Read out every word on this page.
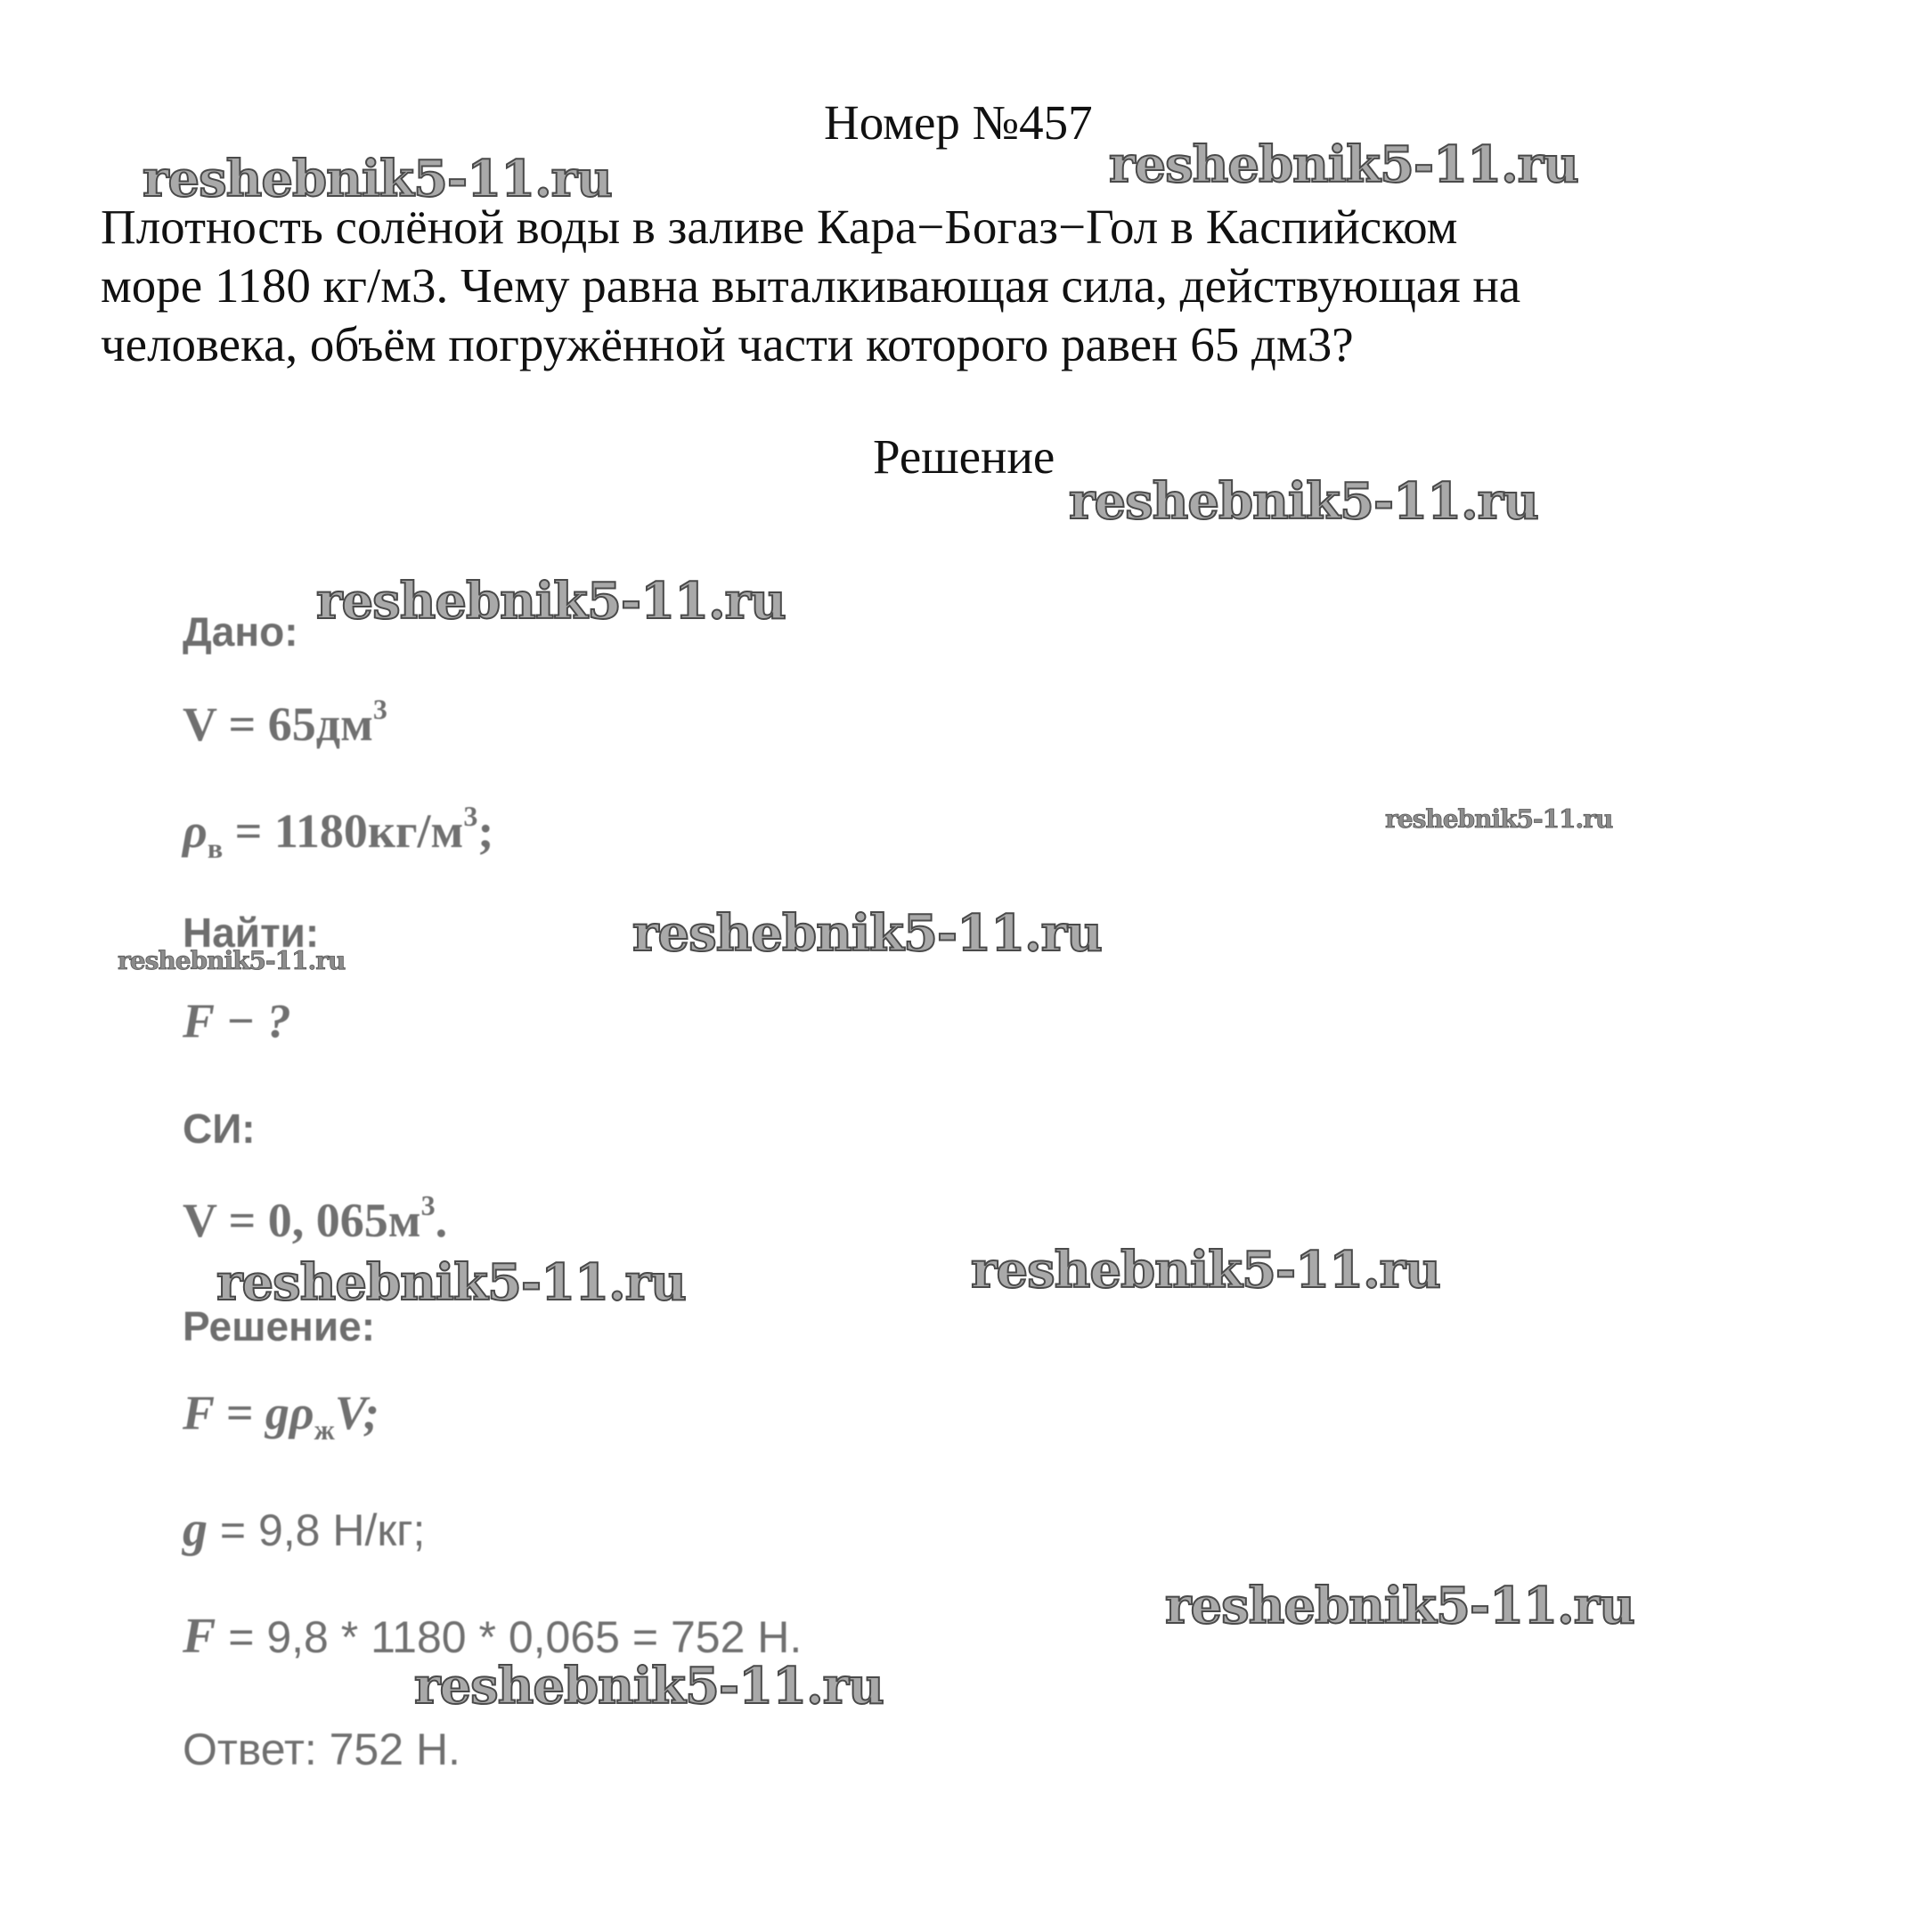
Номер №457
Плотность солёной воды в заливе Кара−Богаз−Гол в Каспийском
море 1180 кг/м3. Чему равна выталкивающая сила, действующая на
человека, объём погружённой части которого равен 65 дм3?
Решение
Дано:
$V = 65дм^3$
$\rho_в = 1180кг/м^3$;
Найти:
F − ?
СИ:
V = 0, $065м^3$.
Решение:
$F = g\rho_жV$;
g = 9,8 Н/кг;
F = 9,8 * 1180 * 0,065 = 752 Н.
Ответ: 752 Н.
reshebnik5-11.ru	reshebnik5-11.ru
reshebnik5-11.ru
reshebnik5-11.ru
reshebnik5-11.ru
reshebnik5-11.ru
reshebnik5-11.ru
reshebnik5-11.ru	reshebnik5-11.ru
reshebnik5-11.ru
reshebnik5-11.ru
